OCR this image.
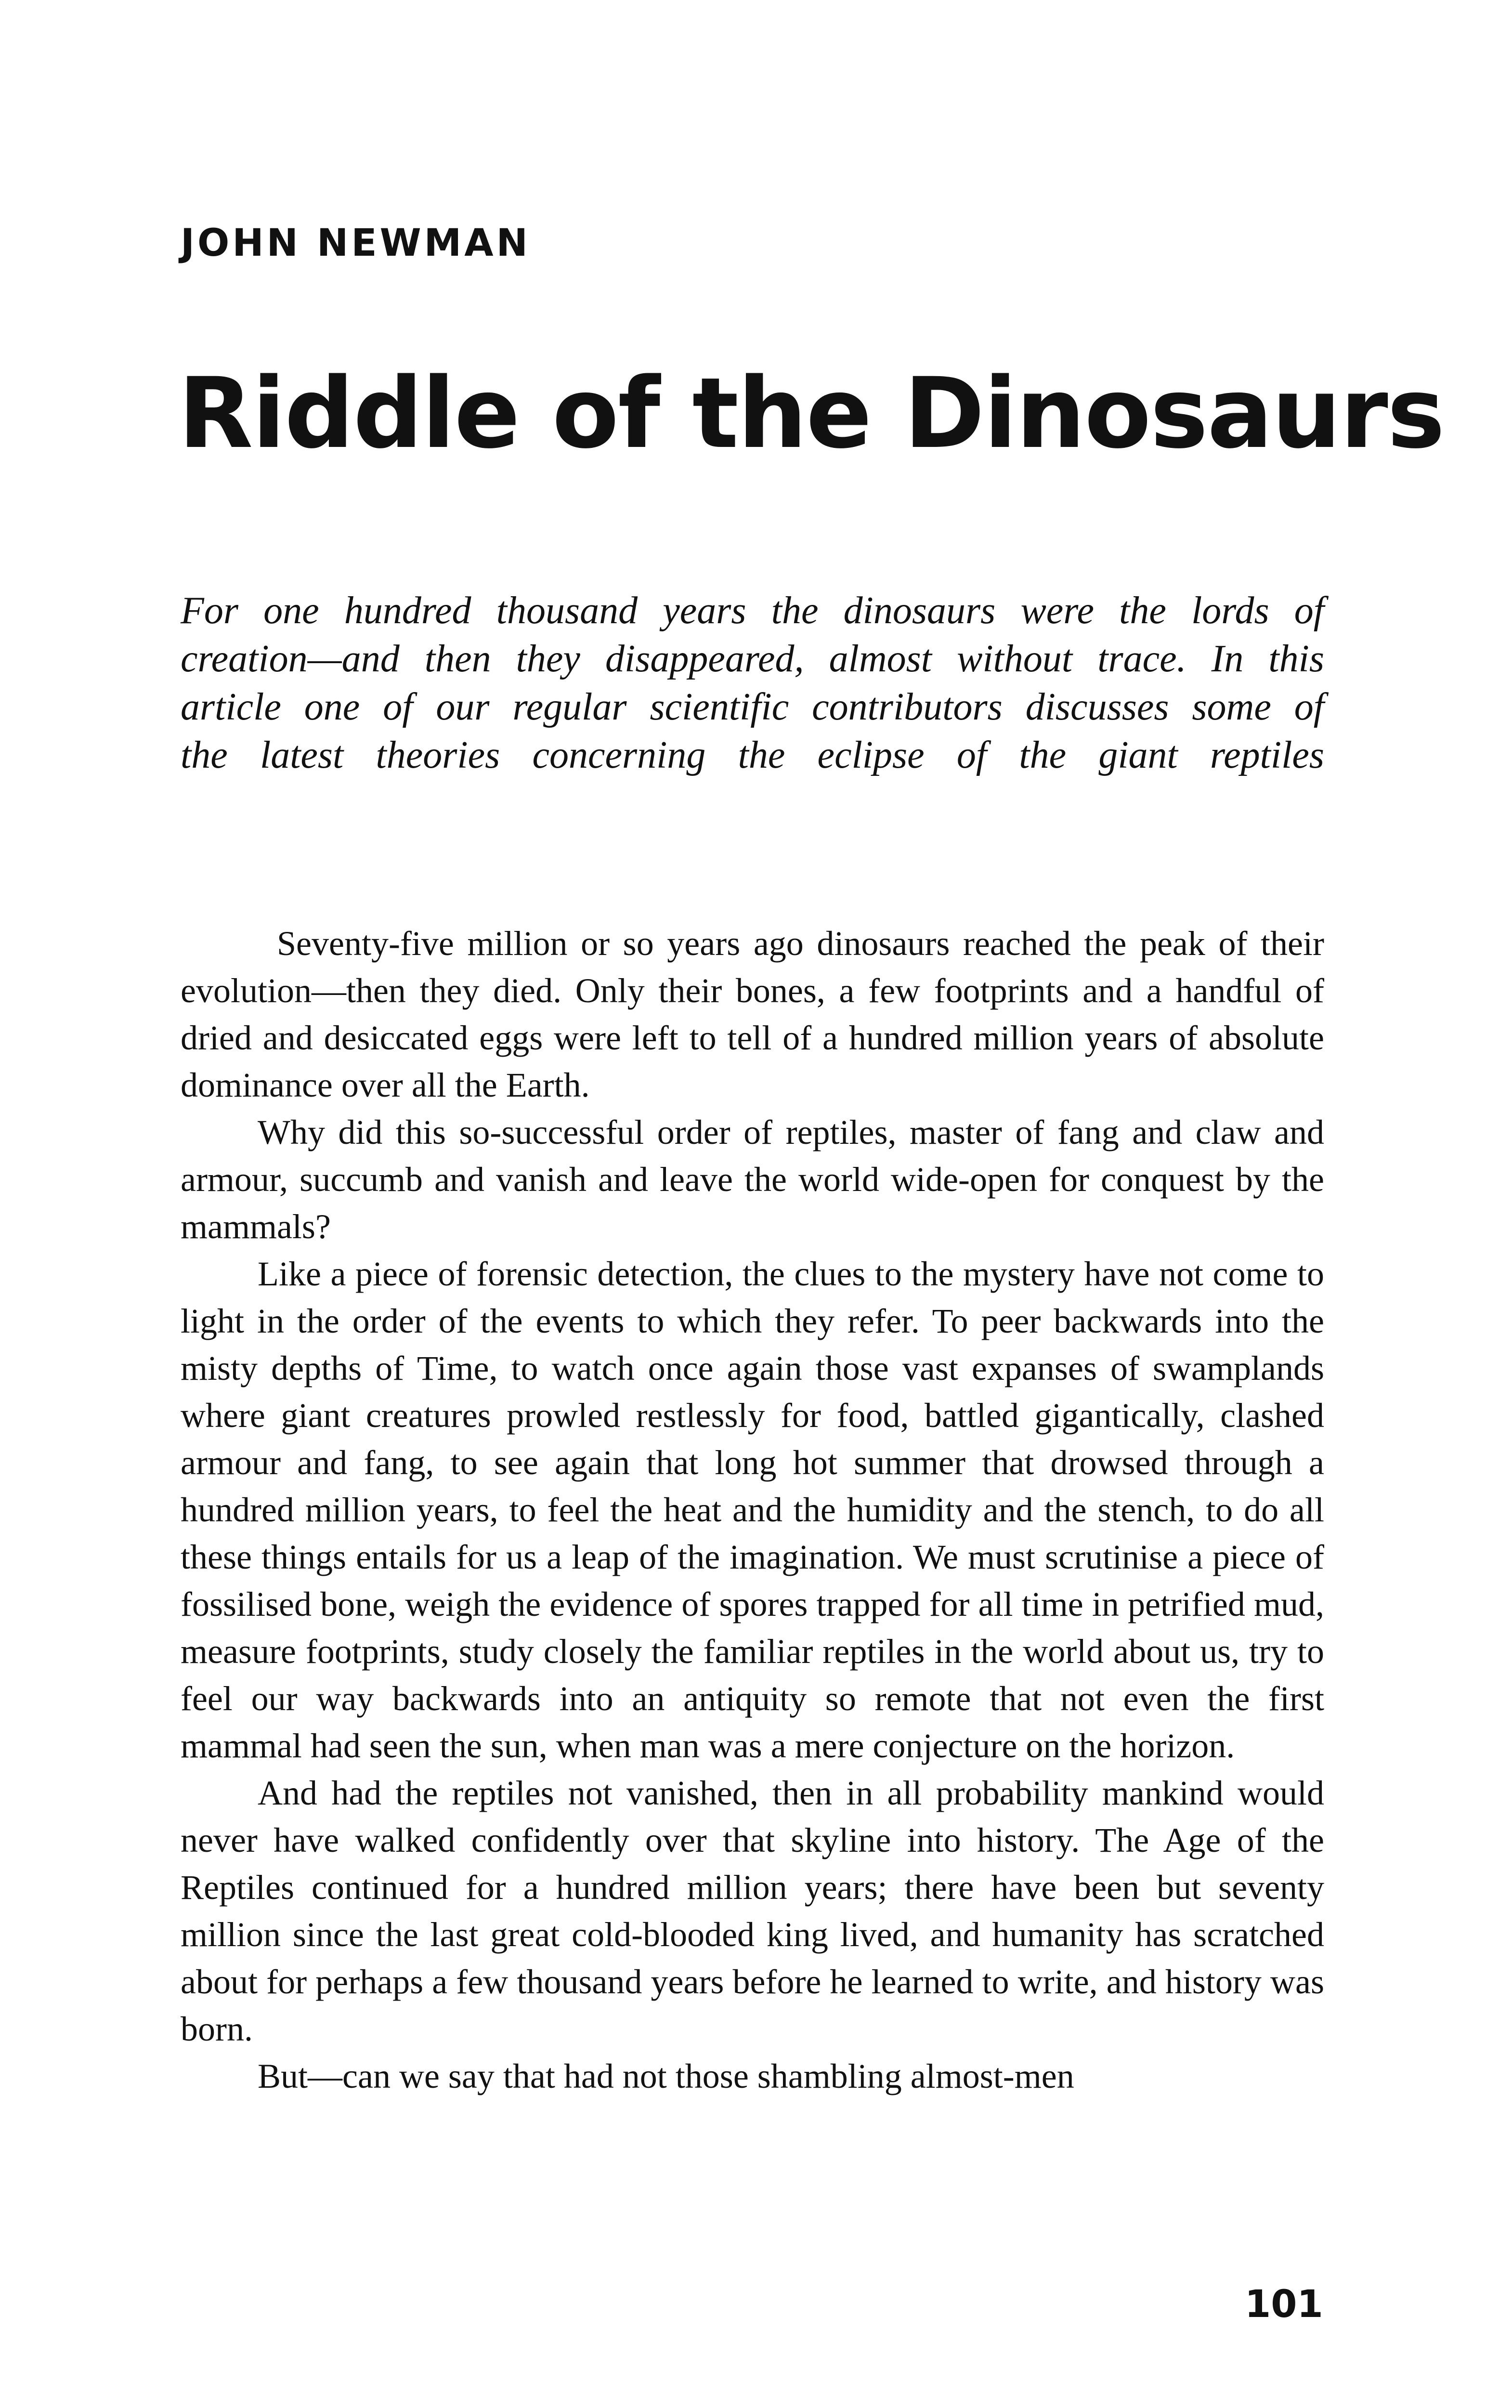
JOHN NEWMAN
Riddle of the Dinosaurs
For one hundred thousand years the dinosaurs were the lords of
creation—and then they disappeared, almost without trace. In this
article one of our regular scientific contributors discusses some of
the latest theories concerning the eclipse of the giant reptiles

Seventy-five million or so years ago dinosaurs reached the peak of their evolution—then they died. Only their bones, a few footprints and a handful of dried and desiccated eggs were left to tell of a hundred million years of absolute dominance over all the Earth.

Why did this so-successful order of reptiles, master of fang and claw and armour, succumb and vanish and leave the world wide-open for conquest by the mammals?

Like a piece of forensic detection, the clues to the mystery have not come to light in the order of the events to which they refer. To peer backwards into the misty depths of Time, to watch once again those vast expanses of swamplands where giant creatures prowled restlessly for food, battled gigantically, clashed armour and fang, to see again that long hot summer that drowsed through a hundred million years, to feel the heat and the humidity and the stench, to do all these things entails for us a leap of the imagination. We must scrutinise a piece of fossilised bone, weigh the evidence of spores trapped for all time in petrified mud, measure footprints, study closely the familiar reptiles in the world about us, try to feel our way backwards into an antiquity so remote that not even the first mammal had seen the sun, when man was a mere conjecture on the horizon.

And had the reptiles not vanished, then in all probability mankind would never have walked confidently over that skyline into history. The Age of the Reptiles continued for a hundred million years; there have been but seventy million since the last great cold-blooded king lived, and humanity has scratched about for perhaps a few thousand years before he learned to write, and history was born.

But—can we say that had not those shambling almost-men

101
